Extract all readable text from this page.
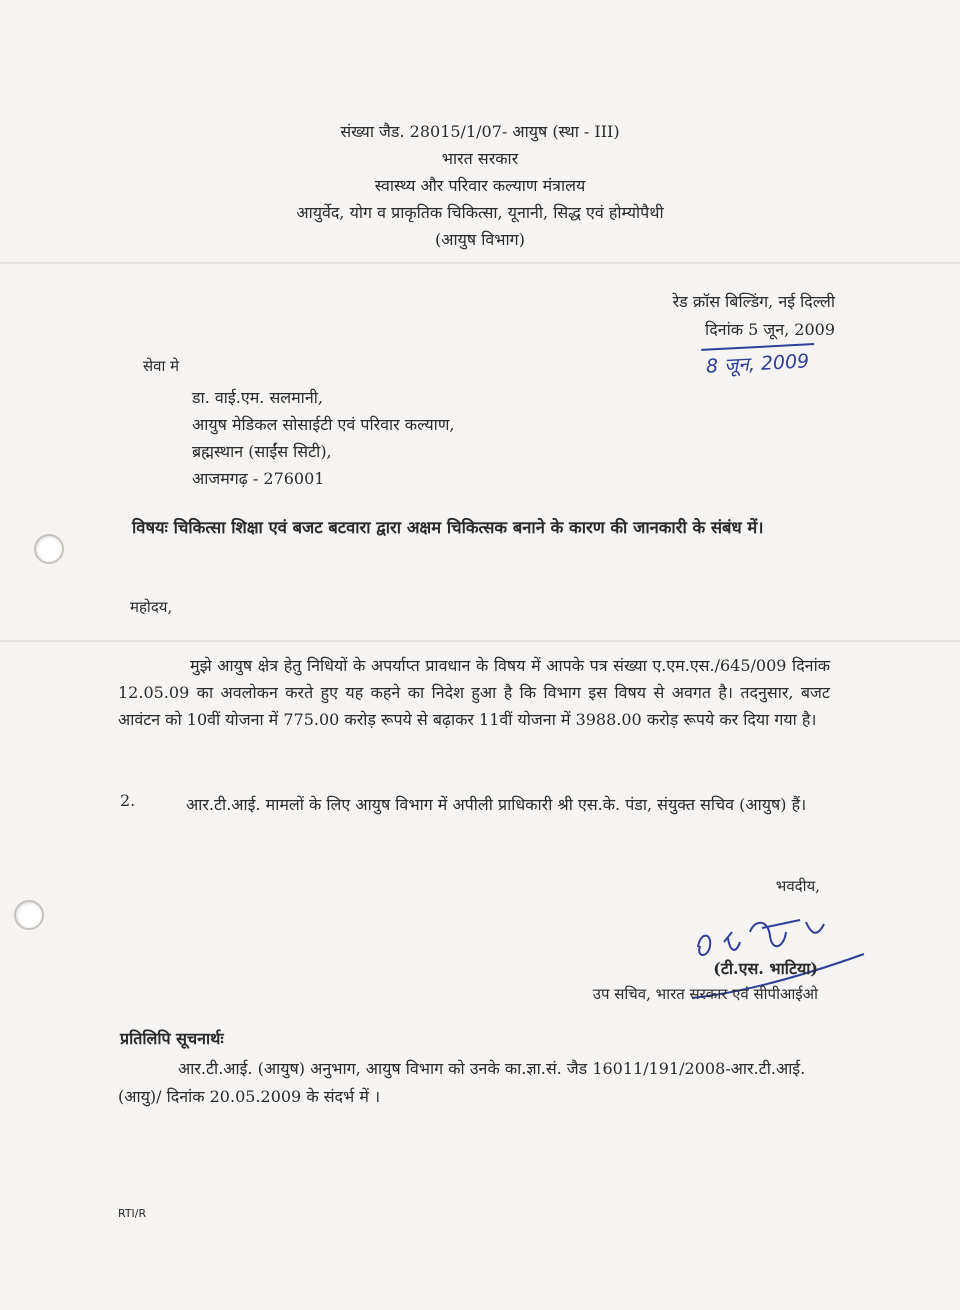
संख्या जैड. 28015/1/07- आयुष (स्था - III)
भारत सरकार
स्वास्थ्य और परिवार कल्याण मंत्रालय
आयुर्वेद, योग व प्राकृतिक चिकित्सा, यूनानी, सिद्ध एवं होम्योपैथी
(आयुष विभाग)
रेड क्रॉस बिल्डिंग, नई दिल्ली
दिनांक 5 जून, 2009
8 जून, 2009
सेवा मे
डा. वाई.एम. सलमानी,
आयुष मेडिकल सोसाईटी एवं परिवार कल्याण,
ब्रह्मस्थान (साईंस सिटी),
आजमगढ़ - 276001
विषयः चिकित्सा शिक्षा एवं बजट बटवारा द्वारा अक्षम चिकित्सक बनाने के कारण की जानकारी के संबंध में।
महोदय,
मुझे आयुष क्षेत्र हेतु निधियों के अपर्याप्त प्रावधान के विषय में आपके पत्र संख्या ए.एम.एस./645/009 दिनांक 12.05.09 का अवलोकन करते हुए यह कहने का निदेश हुआ है कि विभाग इस विषय से अवगत है। तदनुसार, बजट आवंटन को 10वीं योजना में 775.00 करोड़ रूपये से बढ़ाकर 11वीं योजना में 3988.00 करोड़ रूपये कर दिया गया है।
2.	आर.टी.आई. मामलों के लिए आयुष विभाग में अपीली प्राधिकारी श्री एस.के. पंडा, संयुक्त सचिव (आयुष) हैं।
भवदीय,
(टी.एस. भाटिया)
उप सचिव, भारत सरकार एवं सीपीआईओ
प्रतिलिपि सूचनार्थः
आर.टी.आई. (आयुष) अनुभाग, आयुष विभाग को उनके का.ज्ञा.सं. जैड 16011/191/2008-आर.टी.आई. (आयु)/ दिनांक 20.05.2009 के संदर्भ में ।
RTI/R
